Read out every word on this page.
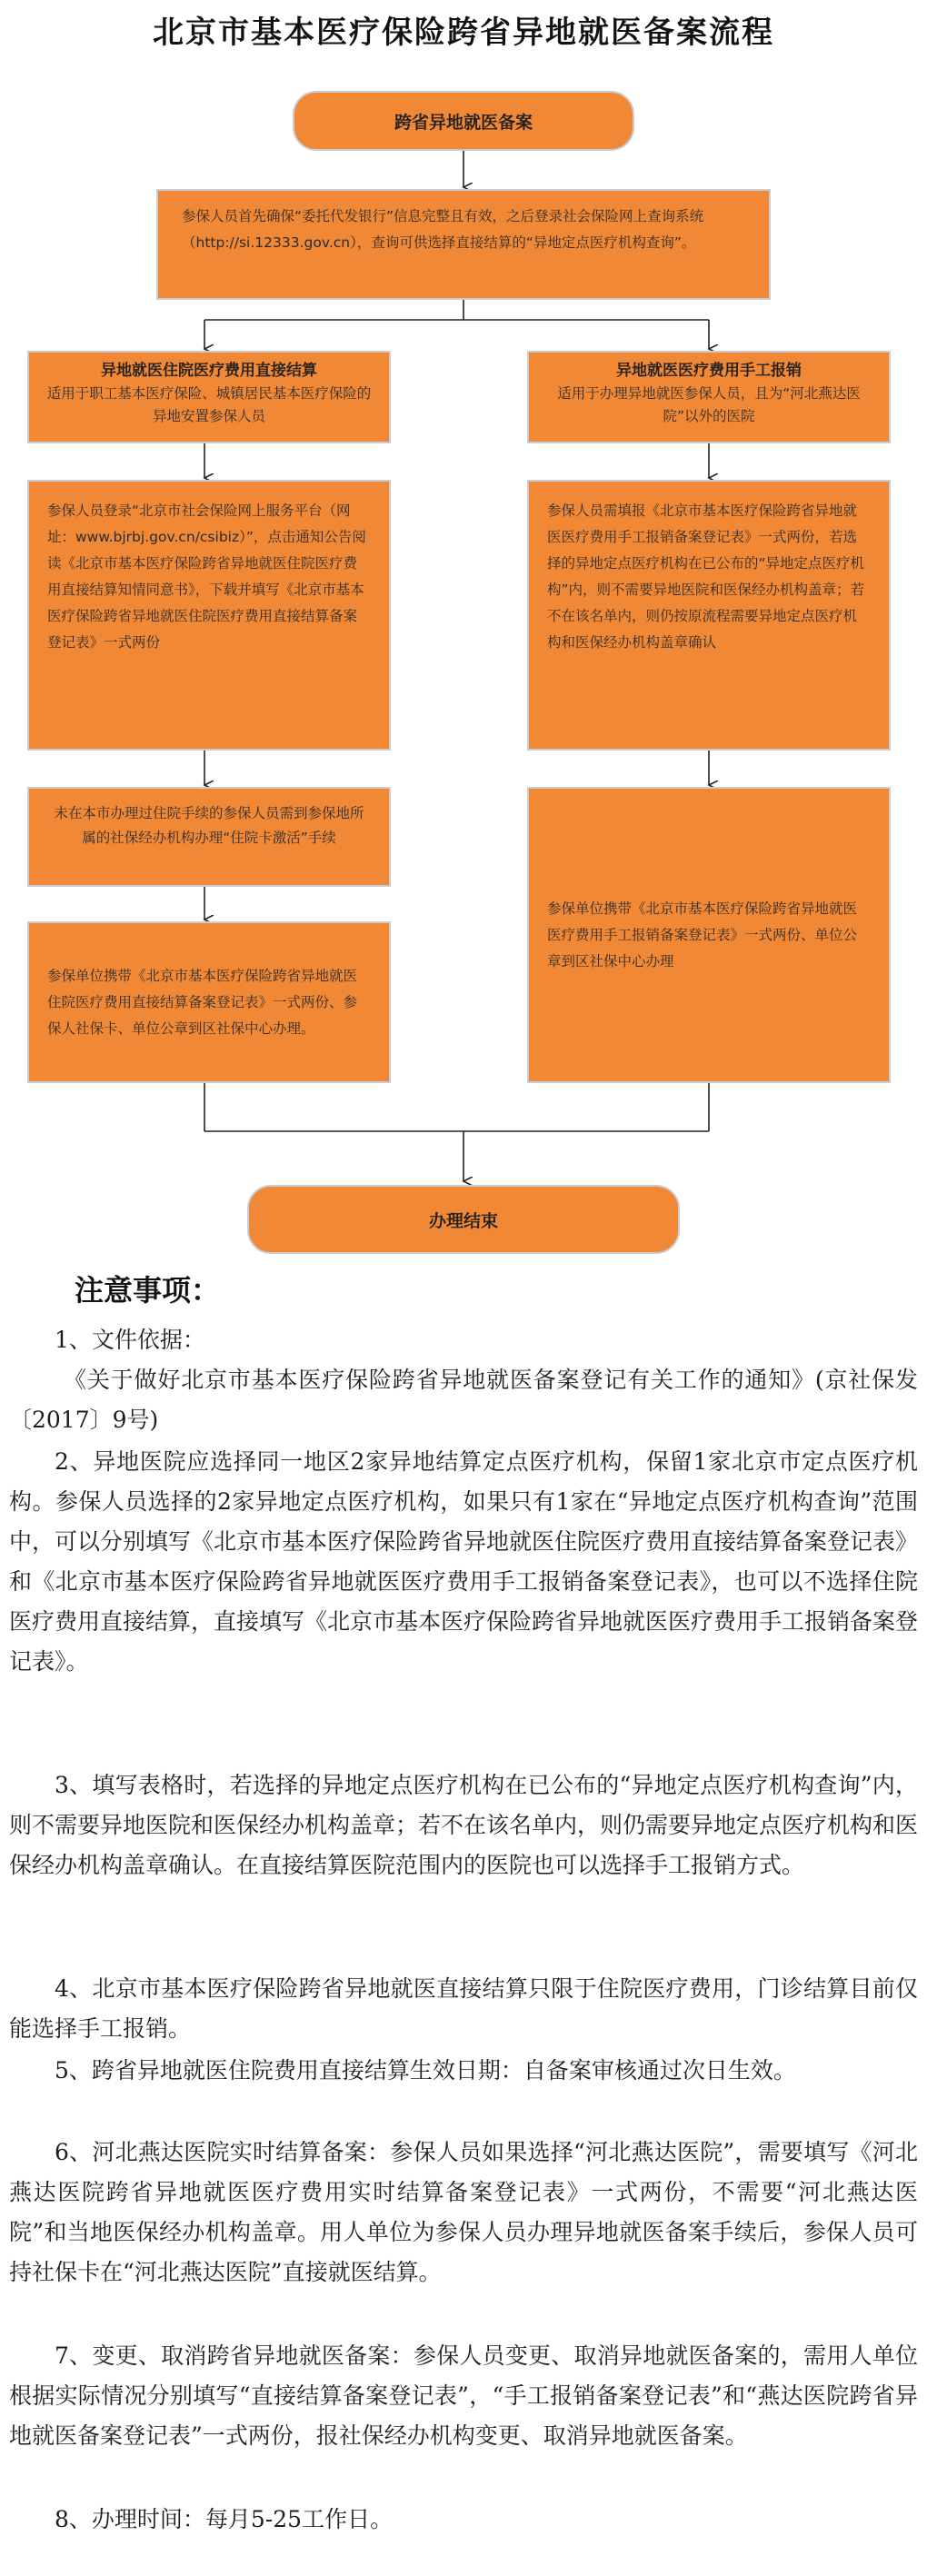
北京市基本医疗保险跨省异地就医备案流程
跨省异地就医备案
参保人员首先确保“委托代发银行”信息完整且有效，之后登录社会保险网上查询系统（http://si.12333.gov.cn），查询可供选择直接结算的“异地定点医疗机构查询”。
异地就医住院医疗费用直接结算
适用于职工基本医疗保险、城镇居民基本医疗保险的异地安置参保人员
参保人员登录“北京市社会保险网上服务平台（网址：www.bjrbj.gov.cn/csibiz）”，点击通知公告阅读《北京市基本医疗保险跨省异地就医住院医疗费用直接结算知情同意书》，下载并填写《北京市基本医疗保险跨省异地就医住院医疗费用直接结算备案登记表》一式两份
未在本市办理过住院手续的参保人员需到参保地所属的社保经办机构办理“住院卡激活”手续
参保单位携带《北京市基本医疗保险跨省异地就医住院医疗费用直接结算备案登记表》一式两份、参保人社保卡、单位公章到区社保中心办理。
异地就医医疗费用手工报销
适用于办理异地就医参保人员，且为“河北燕达医院”以外的医院
参保人员需填报《北京市基本医疗保险跨省异地就医医疗费用手工报销备案登记表》一式两份，若选择的异地定点医疗机构在已公布的“异地定点医疗机构”内，则不需要异地医院和医保经办机构盖章；若不在该名单内，则仍按原流程需要异地定点医疗机构和医保经办机构盖章确认
参保单位携带《北京市基本医疗保险跨省异地就医医疗费用手工报销备案登记表》一式两份、单位公章到区社保中心办理
办理结束
注意事项：
1、文件依据：
《关于做好北京市基本医疗保险跨省异地就医备案登记有关工作的通知》(京社保发〔2017〕9号)
2、异地医院应选择同一地区2家异地结算定点医疗机构，保留1家北京市定点医疗机构。参保人员选择的2家异地定点医疗机构，如果只有1家在“异地定点医疗机构查询”范围中，可以分别填写《北京市基本医疗保险跨省异地就医住院医疗费用直接结算备案登记表》和《北京市基本医疗保险跨省异地就医医疗费用手工报销备案登记表》，也可以不选择住院医疗费用直接结算，直接填写《北京市基本医疗保险跨省异地就医医疗费用手工报销备案登记表》。
3、填写表格时，若选择的异地定点医疗机构在已公布的“异地定点医疗机构查询”内，则不需要异地医院和医保经办机构盖章；若不在该名单内，则仍需要异地定点医疗机构和医保经办机构盖章确认。在直接结算医院范围内的医院也可以选择手工报销方式。
4、北京市基本医疗保险跨省异地就医直接结算只限于住院医疗费用，门诊结算目前仅能选择手工报销。
5、跨省异地就医住院费用直接结算生效日期：自备案审核通过次日生效。
6、河北燕达医院实时结算备案：参保人员如果选择“河北燕达医院”，需要填写《河北燕达医院跨省异地就医医疗费用实时结算备案登记表》一式两份，不需要“河北燕达医院”和当地医保经办机构盖章。用人单位为参保人员办理异地就医备案手续后，参保人员可持社保卡在“河北燕达医院”直接就医结算。
7、变更、取消跨省异地就医备案：参保人员变更、取消异地就医备案的，需用人单位根据实际情况分别填写“直接结算备案登记表”，“手工报销备案登记表”和“燕达医院跨省异地就医备案登记表”一式两份，报社保经办机构变更、取消异地就医备案。
8、办理时间：每月5-25工作日。
